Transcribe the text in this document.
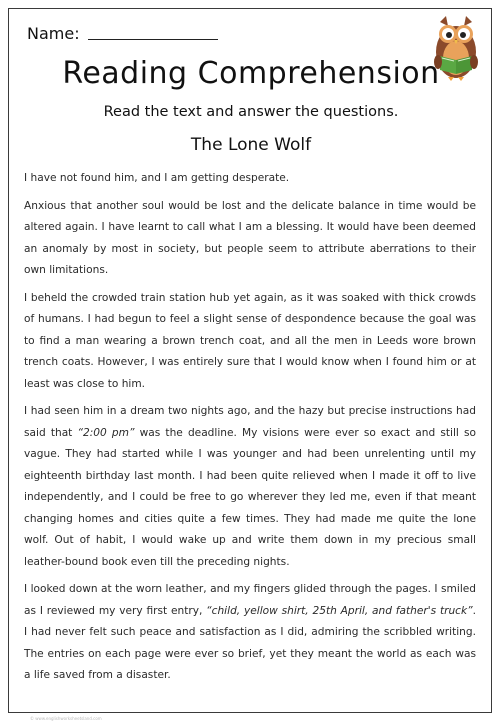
Name:
Reading Comprehension
Read the text and answer the questions.
The Lone Wolf

I have not found him, and I am getting desperate.

Anxious that another soul would be lost and the delicate balance in time would be altered again. I have learnt to call what I am a blessing. It would have been deemed an anomaly by most in society, but people seem to attribute aberrations to their own limitations.

I beheld the crowded train station hub yet again, as it was soaked with thick crowds of humans. I had begun to feel a slight sense of despondence because the goal was to find a man wearing a brown trench coat, and all the men in Leeds wore brown trench coats. However, I was entirely sure that I would know when I found him or at least was close to him.

I had seen him in a dream two nights ago, and the hazy but precise instructions had said that “2:00 pm” was the deadline. My visions were ever so exact and still so vague. They had started while I was younger and had been unrelenting until my eighteenth birthday last month. I had been quite relieved when I made it off to live independently, and I could be free to go wherever they led me, even if that meant changing homes and cities quite a few times. They had made me quite the lone wolf. Out of habit, I would wake up and write them down in my precious small leather-bound book even till the preceding nights.

I looked down at the worn leather, and my fingers glided through the pages. I smiled as I reviewed my very first entry, “child, yellow shirt, 25th April, and father's truck”. I had never felt such peace and satisfaction as I did, admiring the scribbled writing. The entries on each page were ever so brief, yet they meant the world as each was a life saved from a disaster.

© www.englishworksheetsland.com
